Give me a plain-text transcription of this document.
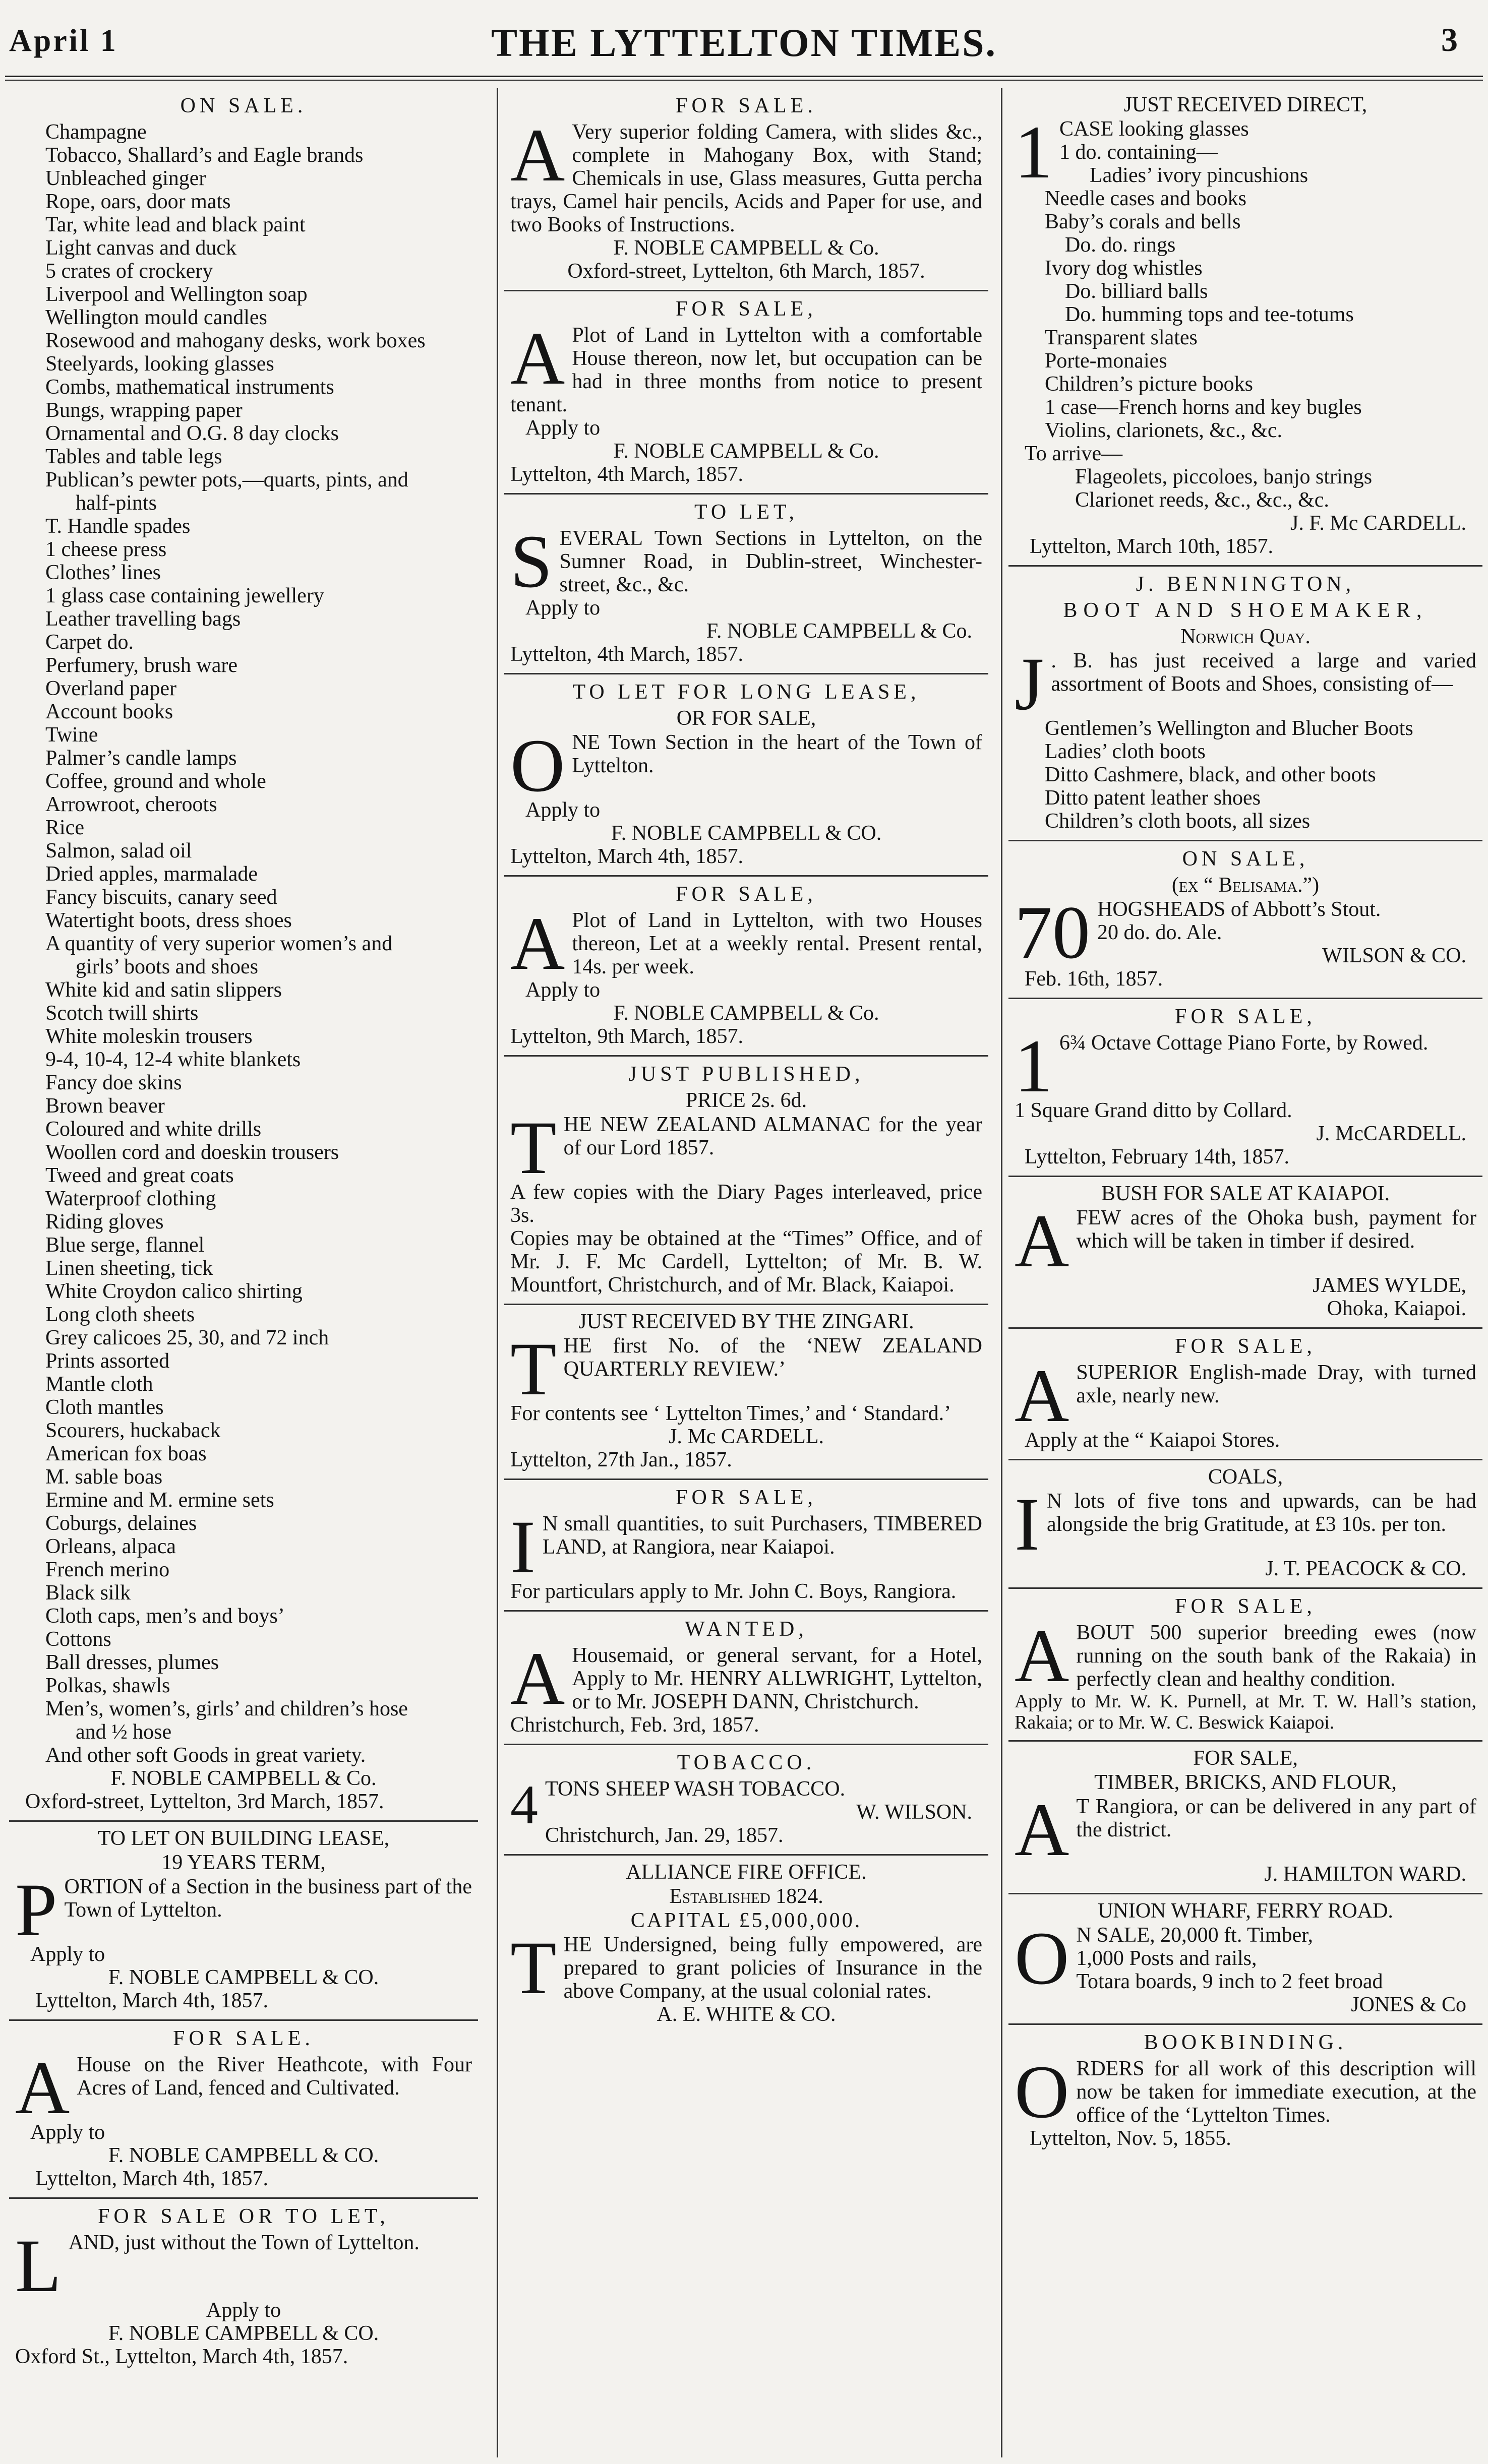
April 1	THE LYTTELTON TIMES.	3
ON SALE.

Champagne

Tobacco, Shallard’s and Eagle brands

Unbleached ginger

Rope, oars, door mats

Tar, white lead and black paint

Light canvas and duck

5 crates of crockery

Liverpool and Wellington soap

Wellington mould candles

Rosewood and mahogany desks, work boxes

Steelyards, looking glasses

Combs, mathematical instruments

Bungs, wrapping paper

Ornamental and O.G. 8 day clocks

Tables and table legs

Publican’s pewter pots,—quarts, pints, and

half-pints

T. Handle spades

1 cheese press

Clothes’ lines

1 glass case containing jewellery

Leather travelling bags

Carpet do.

Perfumery, brush ware

Overland paper

Account books

Twine

Palmer’s candle lamps

Coffee, ground and whole

Arrowroot, cheroots

Rice

Salmon, salad oil

Dried apples, marmalade

Fancy biscuits, canary seed

Watertight boots, dress shoes

A quantity of very superior women’s and

girls’ boots and shoes

White kid and satin slippers

Scotch twill shirts

White moleskin trousers

9-4, 10-4, 12-4 white blankets

Fancy doe skins

Brown beaver

Coloured and white drills

Woollen cord and doeskin trousers

Tweed and great coats

Waterproof clothing

Riding gloves

Blue serge, flannel

Linen sheeting, tick

White Croydon calico shirting

Long cloth sheets

Grey calicoes 25, 30, and 72 inch

Prints assorted

Mantle cloth

Cloth mantles

Scourers, huckaback

American fox boas

M. sable boas

Ermine and M. ermine sets

Coburgs, delaines

Orleans, alpaca

French merino

Black silk

Cloth caps, men’s and boys’

Cottons

Ball dresses, plumes

Polkas, shawls

Men’s, women’s, girls’ and children’s hose

and ½ hose

And other soft Goods in great variety.

F. NOBLE CAMPBELL & Co.

Oxford-street, Lyttelton, 3rd March, 1857.

TO LET ON BUILDING LEASE,
19 YEARS TERM,

PORTION of a Section in the business part of the Town of Lyttelton.

Apply to

F. NOBLE CAMPBELL & CO.

Lyttelton, March 4th, 1857.

FOR SALE.

A House on the River Heathcote, with Four Acres of Land, fenced and Cultivated.

Apply to

F. NOBLE CAMPBELL & CO.

Lyttelton, March 4th, 1857.

FOR SALE OR TO LET,

LAND, just without the Town of Lyttelton.

Apply to

F. NOBLE CAMPBELL & CO.

Oxford St., Lyttelton, March 4th, 1857.

FOR SALE.

A Very superior folding Camera, with slides &c., complete in Mahogany Box, with Stand; Chemicals in use, Glass measures, Gutta percha trays, Camel hair pencils, Acids and Paper for use, and two Books of Instructions.

F. NOBLE CAMPBELL & Co.

Oxford-street, Lyttelton, 6th March, 1857.

FOR SALE,

A Plot of Land in Lyttelton with a comfortable House thereon, now let, but occupation can be had in three months from notice to present tenant.

Apply to

F. NOBLE CAMPBELL & Co.

Lyttelton, 4th March, 1857.

TO LET,

SEVERAL Town Sections in Lyttelton, on the Sumner Road, in Dublin-street, Winchester-street, &c., &c.

Apply to

F. NOBLE CAMPBELL & Co.

Lyttelton, 4th March, 1857.

TO LET FOR LONG LEASE,
OR FOR SALE,

ONE Town Section in the heart of the Town of Lyttelton.

Apply to

F. NOBLE CAMPBELL & CO.

Lyttelton, March 4th, 1857.

FOR SALE,

A Plot of Land in Lyttelton, with two Houses thereon, Let at a weekly rental. Present rental, 14s. per week.

Apply to

F. NOBLE CAMPBELL & Co.

Lyttelton, 9th March, 1857.

JUST PUBLISHED,
PRICE 2s. 6d.

THE NEW ZEALAND ALMANAC for the year of our Lord 1857.

A few copies with the Diary Pages interleaved, price 3s.

Copies may be obtained at the “Times” Office, and of Mr. J. F. Mc Cardell, Lyttelton; of Mr. B. W. Mountfort, Christchurch, and of Mr. Black, Kaiapoi.

JUST RECEIVED BY THE ZINGARI.

THE first No. of the ‘NEW ZEALAND QUARTERLY REVIEW.’

For contents see ‘ Lyttelton Times,’ and ‘ Standard.’

J. Mc CARDELL.

Lyttelton, 27th Jan., 1857.

FOR SALE,

I N small quantities, to suit Purchasers, TIMBERED LAND, at Rangiora, near Kaiapoi.

For particulars apply to Mr. John C. Boys, Rangiora.

WANTED,

A Housemaid, or general servant, for a Hotel, Apply to Mr. HENRY ALLWRIGHT, Lyttelton, or to Mr. JOSEPH DANN, Christchurch.

Christchurch, Feb. 3rd, 1857.

TOBACCO.

4 TONS SHEEP WASH TOBACCO.

W. WILSON.

Christchurch, Jan. 29, 1857.

ALLIANCE FIRE OFFICE.
Established 1824.
CAPITAL £5,000,000.

THE Undersigned, being fully empowered, are prepared to grant policies of Insurance in the above Company, at the usual colonial rates.

A. E. WHITE & CO.

JUST RECEIVED DIRECT,
1 CASE looking glasses

1 do. containing—

Ladies’ ivory pincushions

Needle cases and books

Baby’s corals and bells

Do. do. rings

Ivory dog whistles

Do. billiard balls

Do. humming tops and tee-totums

Transparent slates

Porte-monaies

Children’s picture books

1 case—French horns and key bugles

Violins, clarionets, &c., &c.

To arrive—

Flageolets, piccoloes, banjo strings

Clarionet reeds, &c., &c., &c.

J. F. Mc CARDELL.

Lyttelton, March 10th, 1857.

J. BENNINGTON,
BOOT AND SHOEMAKER,
Norwich Quay.

J . B. has just received a large and varied assortment of Boots and Shoes, consisting of—

Gentlemen’s Wellington and Blucher Boots

Ladies’ cloth boots

Ditto Cashmere, black, and other boots

Ditto patent leather shoes

Children’s cloth boots, all sizes

ON SALE,
(ex “ Belisama.”)
70 HOGSHEADS of Abbott’s Stout.

20 do. do. Ale.

WILSON & CO.

Feb. 16th, 1857.

FOR SALE,

1 6¾ Octave Cottage Piano Forte, by Rowed.

1 Square Grand ditto by Collard.

J. McCARDELL.

Lyttelton, February 14th, 1857.

BUSH FOR SALE AT KAIAPOI.

AFEW acres of the Ohoka bush, payment for which will be taken in timber if desired.

JAMES WYLDE,

Ohoka, Kaiapoi.

FOR SALE,

ASUPERIOR English-made Dray, with turned axle, nearly new.

Apply at the “ Kaiapoi Stores.

COALS,

I N lots of five tons and upwards, can be had alongside the brig Gratitude, at £3 10s. per ton.

J. T. PEACOCK & CO.

FOR SALE,

ABOUT 500 superior breeding ewes (now running on the south bank of the Rakaia) in perfectly clean and healthy condition.

Apply to Mr. W. K. Purnell, at Mr. T. W. Hall’s station, Rakaia; or to Mr. W. C. Beswick Kaiapoi.

FOR SALE,
TIMBER, BRICKS, AND FLOUR,

A T Rangiora, or can be delivered in any part of the district.

J. HAMILTON WARD.

UNION WHARF, FERRY ROAD.
O N SALE, 20,000 ft. Timber,

1,000 Posts and rails,

Totara boards, 9 inch to 2 feet broad

JONES & Co

BOOKBINDING.

ORDERS for all work of this description will now be taken for immediate execution, at the office of the ‘Lyttelton Times.

Lyttelton, Nov. 5, 1855.
